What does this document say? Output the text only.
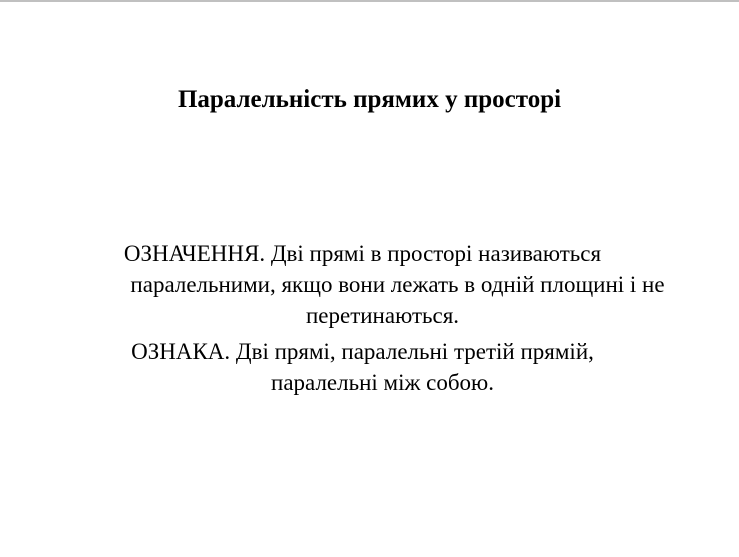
Паралельність прямих у просторі

ОЗНАЧЕННЯ. Дві прямі в просторі називаються
паралельними, якщо вони лежать в одній площині і не
перетинаються.

ОЗНАКА. Дві прямі, паралельні третій прямій,
паралельні між собою.
